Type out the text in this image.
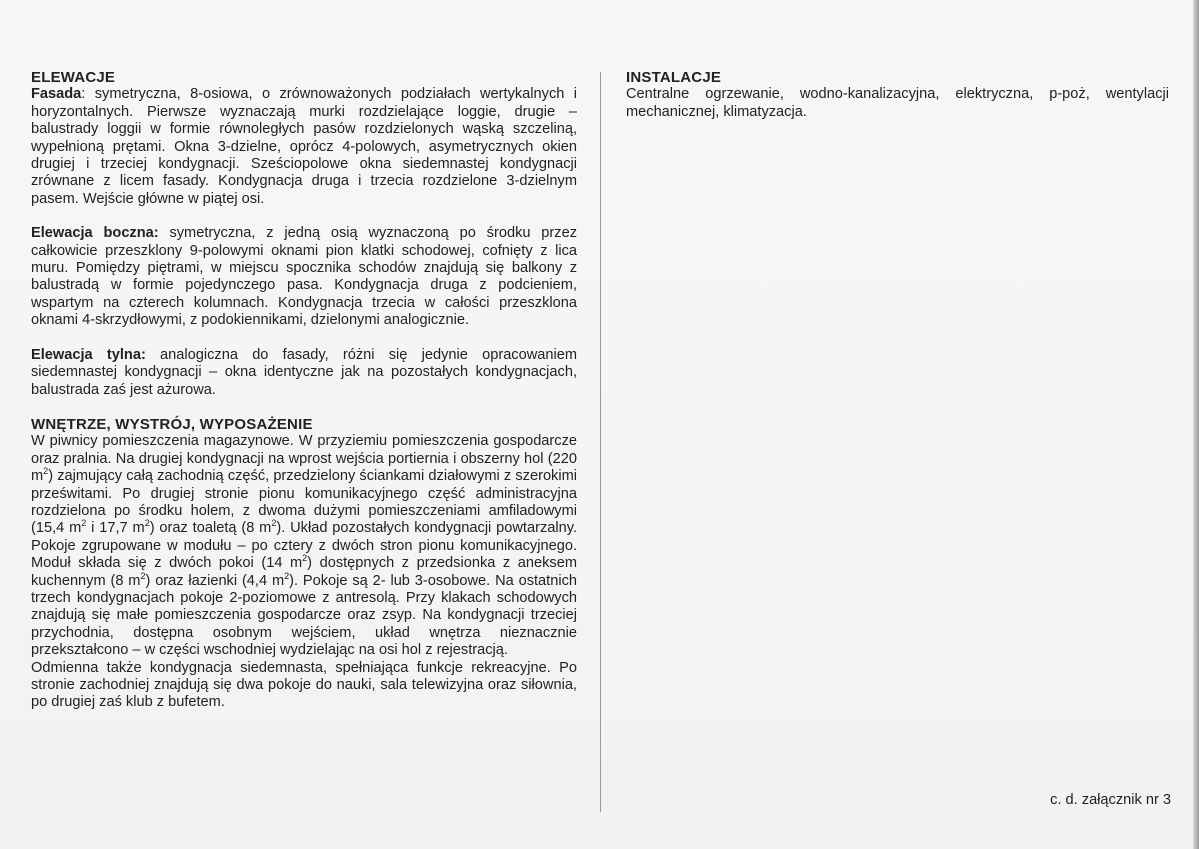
ELEWACJE

Fasada: symetryczna, 8-osiowa, o zrównoważonych podziałach wertykalnych i horyzontalnych. Pierwsze wyznaczają murki rozdzielające loggie, drugie – balustrady loggii w formie równoległych pasów rozdzielonych wąską szczeliną, wypełnioną prętami. Okna 3-dzielne, oprócz 4-polowych, asymetrycznych okien drugiej i trzeciej kondygnacji. Sześciopolowe okna siedemnastej kondygnacji zrównane z licem fasady. Kondygnacja druga i trzecia rozdzielone 3-dzielnym pasem. Wejście główne w piątej osi.

Elewacja boczna: symetryczna, z jedną osią wyznaczoną po środku przez całkowicie przeszklony 9-polowymi oknami pion klatki schodowej, cofnięty z lica muru. Pomiędzy piętrami, w miejscu spocznika schodów znajdują się balkony z balustradą w formie pojedynczego pasa. Kondygnacja druga z podcieniem, wspartym na czterech kolumnach. Kondygnacja trzecia w całości przeszklona oknami 4-skrzydłowymi, z podokiennikami, dzielonymi analogicznie.

Elewacja tylna: analogiczna do fasady, różni się jedynie opracowaniem siedemnastej kondygnacji – okna identyczne jak na pozostałych kondygnacjach, balustrada zaś jest ażurowa.

WNĘTRZE, WYSTRÓJ, WYPOSAŻENIE

W piwnicy pomieszczenia magazynowe. W przyziemiu pomieszczenia gospodarcze oraz pralnia. Na drugiej kondygnacji na wprost wejścia portiernia i obszerny hol (220 $m^2$) zajmujący całą zachodnią część, przedzielony ściankami działowymi z szerokimi prześwitami. Po drugiej stronie pionu komunikacyjnego część administracyjna rozdzielona po środku holem, z dwoma dużymi pomieszczeniami amfiladowymi (15,4 $m^2$ i 17,7 $m^2$) oraz toaletą (8 $m^2$). Układ pozostałych kondygnacji powtarzalny. Pokoje zgrupowane w modułu – po cztery z dwóch stron pionu komunikacyjnego. Moduł składa się z dwóch pokoi (14 $m^2$) dostępnych z przedsionka z aneksem kuchennym (8 $m^2$) oraz łazienki (4,4 $m^2$). Pokoje są 2- lub 3-osobowe. Na ostatnich trzech kondygnacjach pokoje 2-poziomowe z antresolą. Przy klakach schodowych znajdują się małe pomieszczenia gospodarcze oraz zsyp. Na kondygnacji trzeciej przychodnia, dostępna osobnym wejściem, układ wnętrza nieznacznie przekształcono – w części wschodniej wydzielając na osi hol z rejestracją.

Odmienna także kondygnacja siedemnasta, spełniająca funkcje rekreacyjne. Po stronie zachodniej znajdują się dwa pokoje do nauki, sala telewizyjna oraz siłownia, po drugiej zaś klub z bufetem.

INSTALACJE

Centralne ogrzewanie, wodno-kanalizacyjna, elektryczna, p-poż, wentylacji mechanicznej, klimatyzacja.

c. d. załącznik nr 3
